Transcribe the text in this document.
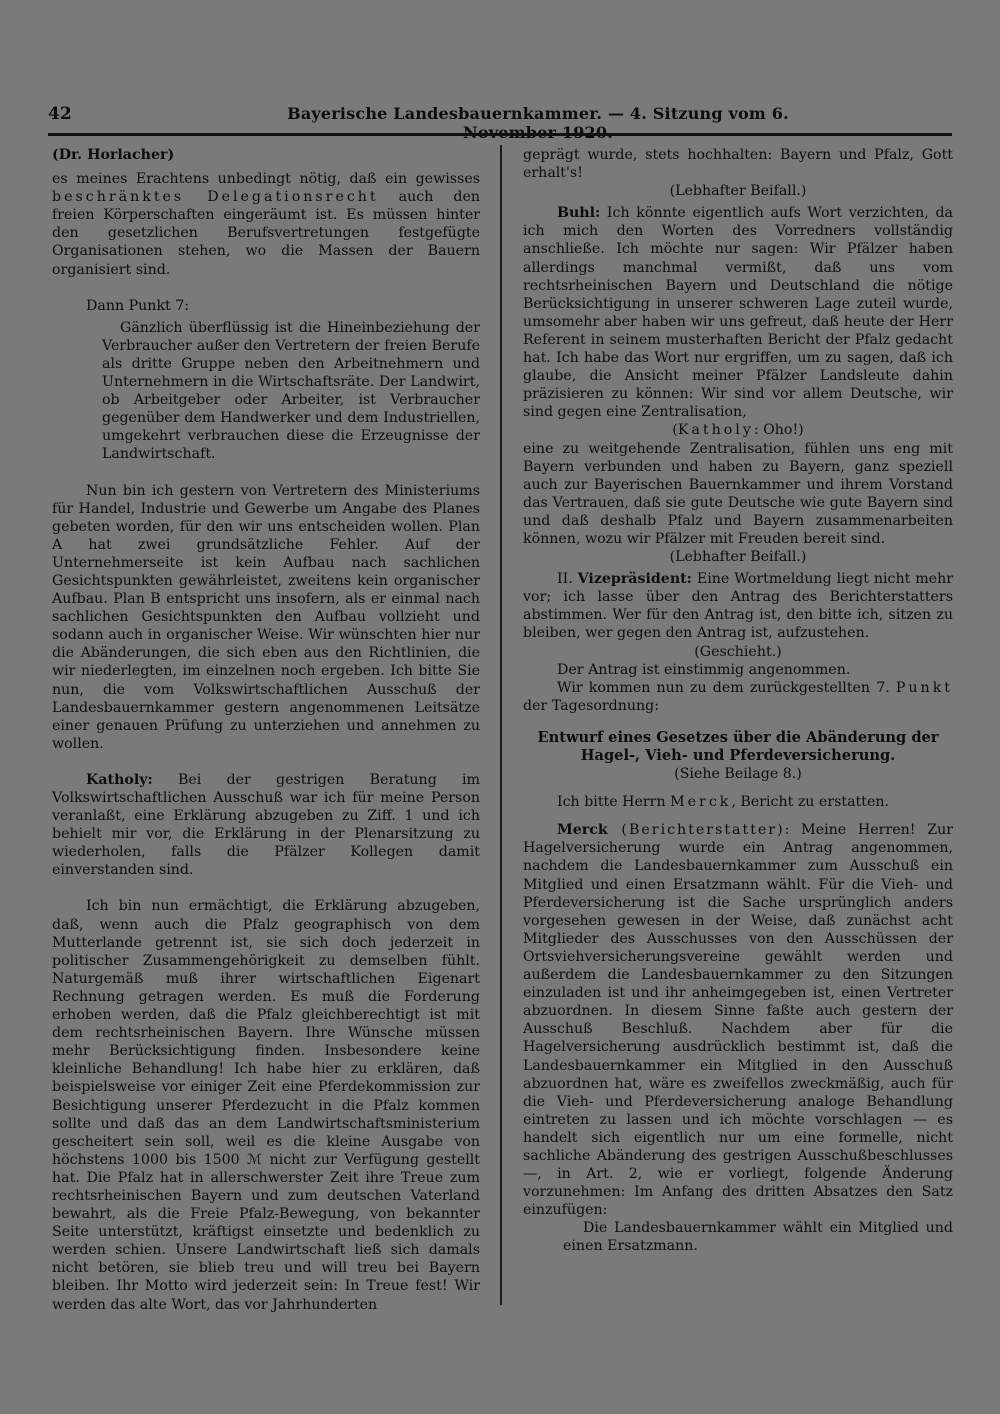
42	Bayerische Landesbauernkammer. — 4. Sitzung vom 6.

(Dr. Horlacher)

es meines Erachtens unbedingt nötig, daß ein gewisses beschränktes Delegationsrecht auch den freien Körperschaften eingeräumt ist. Es müssen hinter den gesetzlichen Berufsvertretungen festgefügte Organisationen stehen, wo die Massen der Bauern organisiert sind.

Dann Punkt 7:

Gänzlich überflüssig ist die Hineinbeziehung der Verbraucher außer den Vertretern der freien Berufe als dritte Gruppe neben den Arbeitnehmern und Unternehmern in die Wirtschaftsräte. Der Landwirt, ob Arbeitgeber oder Arbeiter, ist Verbraucher gegenüber dem Handwerker und dem Industriellen, umgekehrt verbrauchen diese die Erzeugnisse der Landwirtschaft.

Nun bin ich gestern von Vertretern des Ministeriums für Handel, Industrie und Gewerbe um Angabe des Planes gebeten worden, für den wir uns entscheiden wollen. Plan A hat zwei grundsätzliche Fehler. Auf der Unternehmerseite ist kein Aufbau nach sachlichen Gesichtspunkten gewährleistet, zweitens kein organischer Aufbau. Plan B entspricht uns insofern, als er einmal nach sachlichen Gesichtspunkten den Aufbau vollzieht und sodann auch in organischer Weise. Wir wünschten hier nur die Abänderungen, die sich eben aus den Richtlinien, die wir niederlegten, im einzelnen noch ergeben. Ich bitte Sie nun, die vom Volkswirtschaftlichen Ausschuß der Landesbauernkammer gestern angenommenen Leitsätze einer genauen Prüfung zu unterziehen und annehmen zu wollen.

Katholy: Bei der gestrigen Beratung im Volkswirtschaftlichen Ausschuß war ich für meine Person veranlaßt, eine Erklärung abzugeben zu Ziff. 1 und ich behielt mir vor, die Erklärung in der Plenarsitzung zu wiederholen, falls die Pfälzer Kollegen damit einverstanden sind.

Ich bin nun ermächtigt, die Erklärung abzugeben, daß, wenn auch die Pfalz geographisch von dem Mutterlande getrennt ist, sie sich doch jederzeit in politischer Zusammengehörigkeit zu demselben fühlt. Naturgemäß muß ihrer wirtschaftlichen Eigenart Rechnung getragen werden. Es muß die Forderung erhoben werden, daß die Pfalz gleichberechtigt ist mit dem rechtsrheinischen Bayern. Ihre Wünsche müssen mehr Berücksichtigung finden. Insbesondere keine kleinliche Behandlung! Ich habe hier zu erklären, daß beispielsweise vor einiger Zeit eine Pferdekommission zur Besichtigung unserer Pferdezucht in die Pfalz kommen sollte und daß das an dem Landwirtschaftsministerium gescheitert sein soll, weil es die kleine Ausgabe von höchstens 1000 bis 1500 ℳ nicht zur Verfügung gestellt hat. Die Pfalz hat in allerschwerster Zeit ihre Treue zum rechtsrheinischen Bayern und zum deutschen Vaterland bewahrt, als die Freie Pfalz-Bewegung, von bekannter Seite unterstützt, kräftigst einsetzte und bedenklich zu werden schien. Unsere Landwirtschaft ließ sich damals nicht betören, sie blieb treu und will treu bei Bayern bleiben. Ihr Motto wird jederzeit sein: In Treue fest! Wir werden das alte Wort, das vor Jahrhunderten

geprägt wurde, stets hochhalten: Bayern und Pfalz, Gott erhalt's!

(Lebhafter Beifall.)

Buhl: Ich könnte eigentlich aufs Wort verzichten, da ich mich den Worten des Vorredners vollständig anschließe. Ich möchte nur sagen: Wir Pfälzer haben allerdings manchmal vermißt, daß uns vom rechtsrheinischen Bayern und Deutschland die nötige Berücksichtigung in unserer schweren Lage zuteil wurde, umsomehr aber haben wir uns gefreut, daß heute der Herr Referent in seinem musterhaften Bericht der Pfalz gedacht hat. Ich habe das Wort nur ergriffen, um zu sagen, daß ich glaube, die Ansicht meiner Pfälzer Landsleute dahin präzisieren zu können: Wir sind vor allem Deutsche, wir sind gegen eine Zentralisation,

(Katholy: Oho!)

eine zu weitgehende Zentralisation, fühlen uns eng mit Bayern verbunden und haben zu Bayern, ganz speziell auch zur Bayerischen Bauernkammer und ihrem Vorstand das Vertrauen, daß sie gute Deutsche wie gute Bayern sind und daß deshalb Pfalz und Bayern zusammenarbeiten können, wozu wir Pfälzer mit Freuden bereit sind.

(Lebhafter Beifall.)

II. Vizepräsident: Eine Wortmeldung liegt nicht mehr vor; ich lasse über den Antrag des Berichterstatters abstimmen. Wer für den Antrag ist, den bitte ich, sitzen zu bleiben, wer gegen den Antrag ist, aufzustehen.

(Geschieht.)

Der Antrag ist einstimmig angenommen.

Wir kommen nun zu dem zurückgestellten 7. Punkt der Tagesordnung:

Entwurf eines Gesetzes über die Abänderung der Hagel-, Vieh- und Pferdeversicherung.

(Siehe Beilage 8.)

Ich bitte Herrn Merck, Bericht zu erstatten.

Merck (Berichterstatter): Meine Herren! Zur Hagelversicherung wurde ein Antrag angenommen, nachdem die Landesbauernkammer zum Ausschuß ein Mitglied und einen Ersatzmann wählt. Für die Vieh- und Pferdeversicherung ist die Sache ursprünglich anders vorgesehen gewesen in der Weise, daß zunächst acht Mitglieder des Ausschusses von den Ausschüssen der Ortsviehversicherungsvereine gewählt werden und außerdem die Landesbauernkammer zu den Sitzungen einzuladen ist und ihr anheimgegeben ist, einen Vertreter abzuordnen. In diesem Sinne faßte auch gestern der Ausschuß Beschluß. Nachdem aber für die Hagelversicherung ausdrücklich bestimmt ist, daß die Landesbauernkammer ein Mitglied in den Ausschuß abzuordnen hat, wäre es zweifellos zweckmäßig, auch für die Vieh- und Pferdeversicherung analoge Behandlung eintreten zu lassen und ich möchte vorschlagen — es handelt sich eigentlich nur um eine formelle, nicht sachliche Abänderung des gestrigen Ausschußbeschlusses —, in Art. 2, wie er vorliegt, folgende Änderung vorzunehmen: Im Anfang des dritten Absatzes den Satz einzufügen:

Die Landesbauernkammer wählt ein Mitglied und einen Ersatzmann.
